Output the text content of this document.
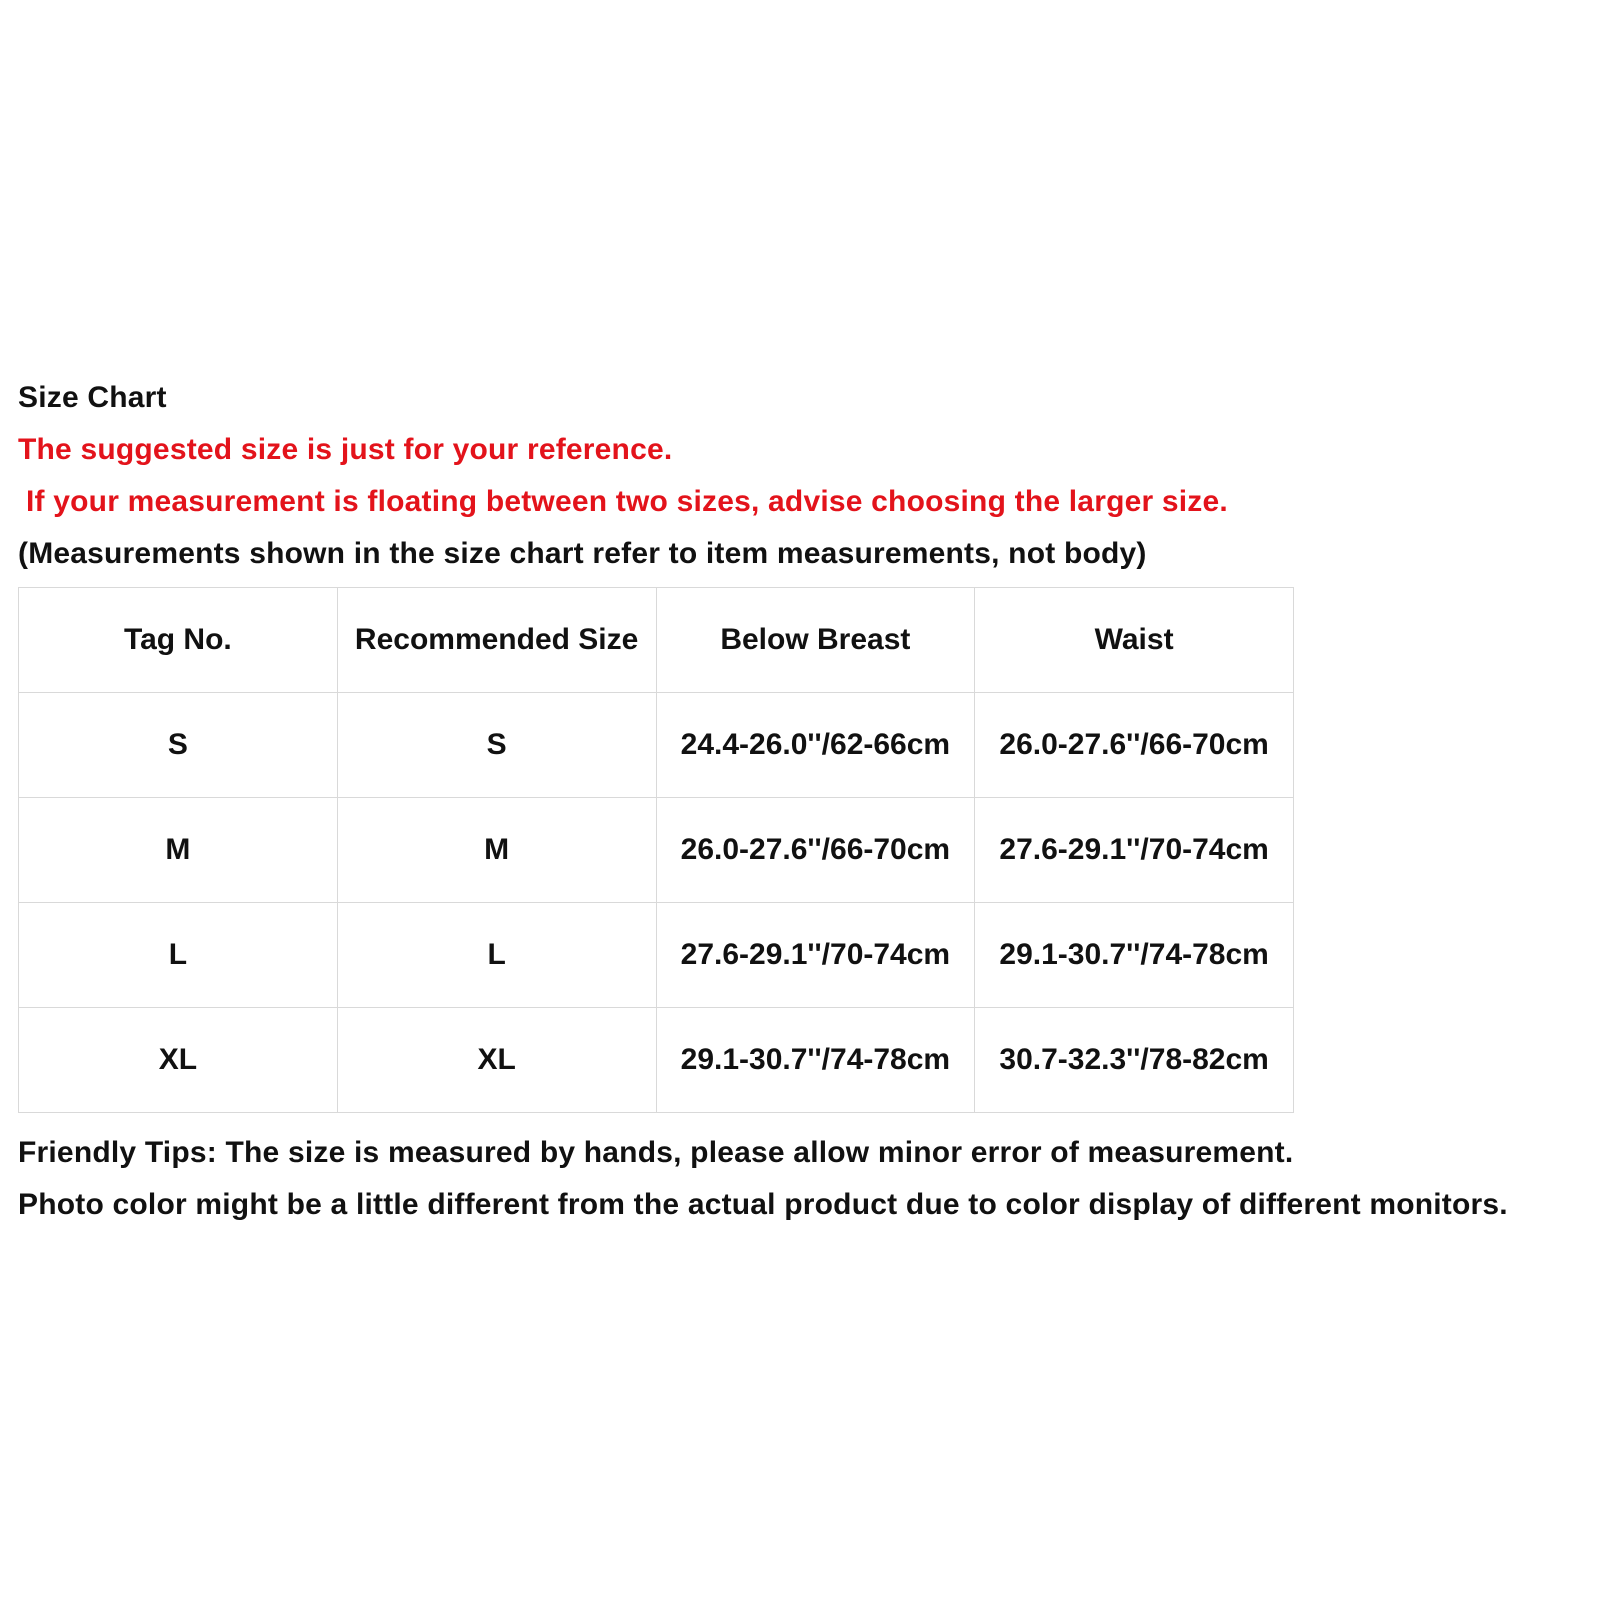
Size Chart
The suggested size is just for your reference.
If your measurement is floating between two sizes, advise choosing the larger size.
(Measurements shown in the size chart refer to item measurements, not body)
Tag No.	Recommended Size	Below Breast	Waist
S	S	24.4-26.0''/62-66cm	26.0-27.6''/66-70cm
M	M	26.0-27.6''/66-70cm	27.6-29.1''/70-74cm
L	L	27.6-29.1''/70-74cm	29.1-30.7''/74-78cm
XL	XL	29.1-30.7''/74-78cm	30.7-32.3''/78-82cm
Friendly Tips: The size is measured by hands, please allow minor error of measurement.
Photo color might be a little different from the actual product due to color display of different monitors.
